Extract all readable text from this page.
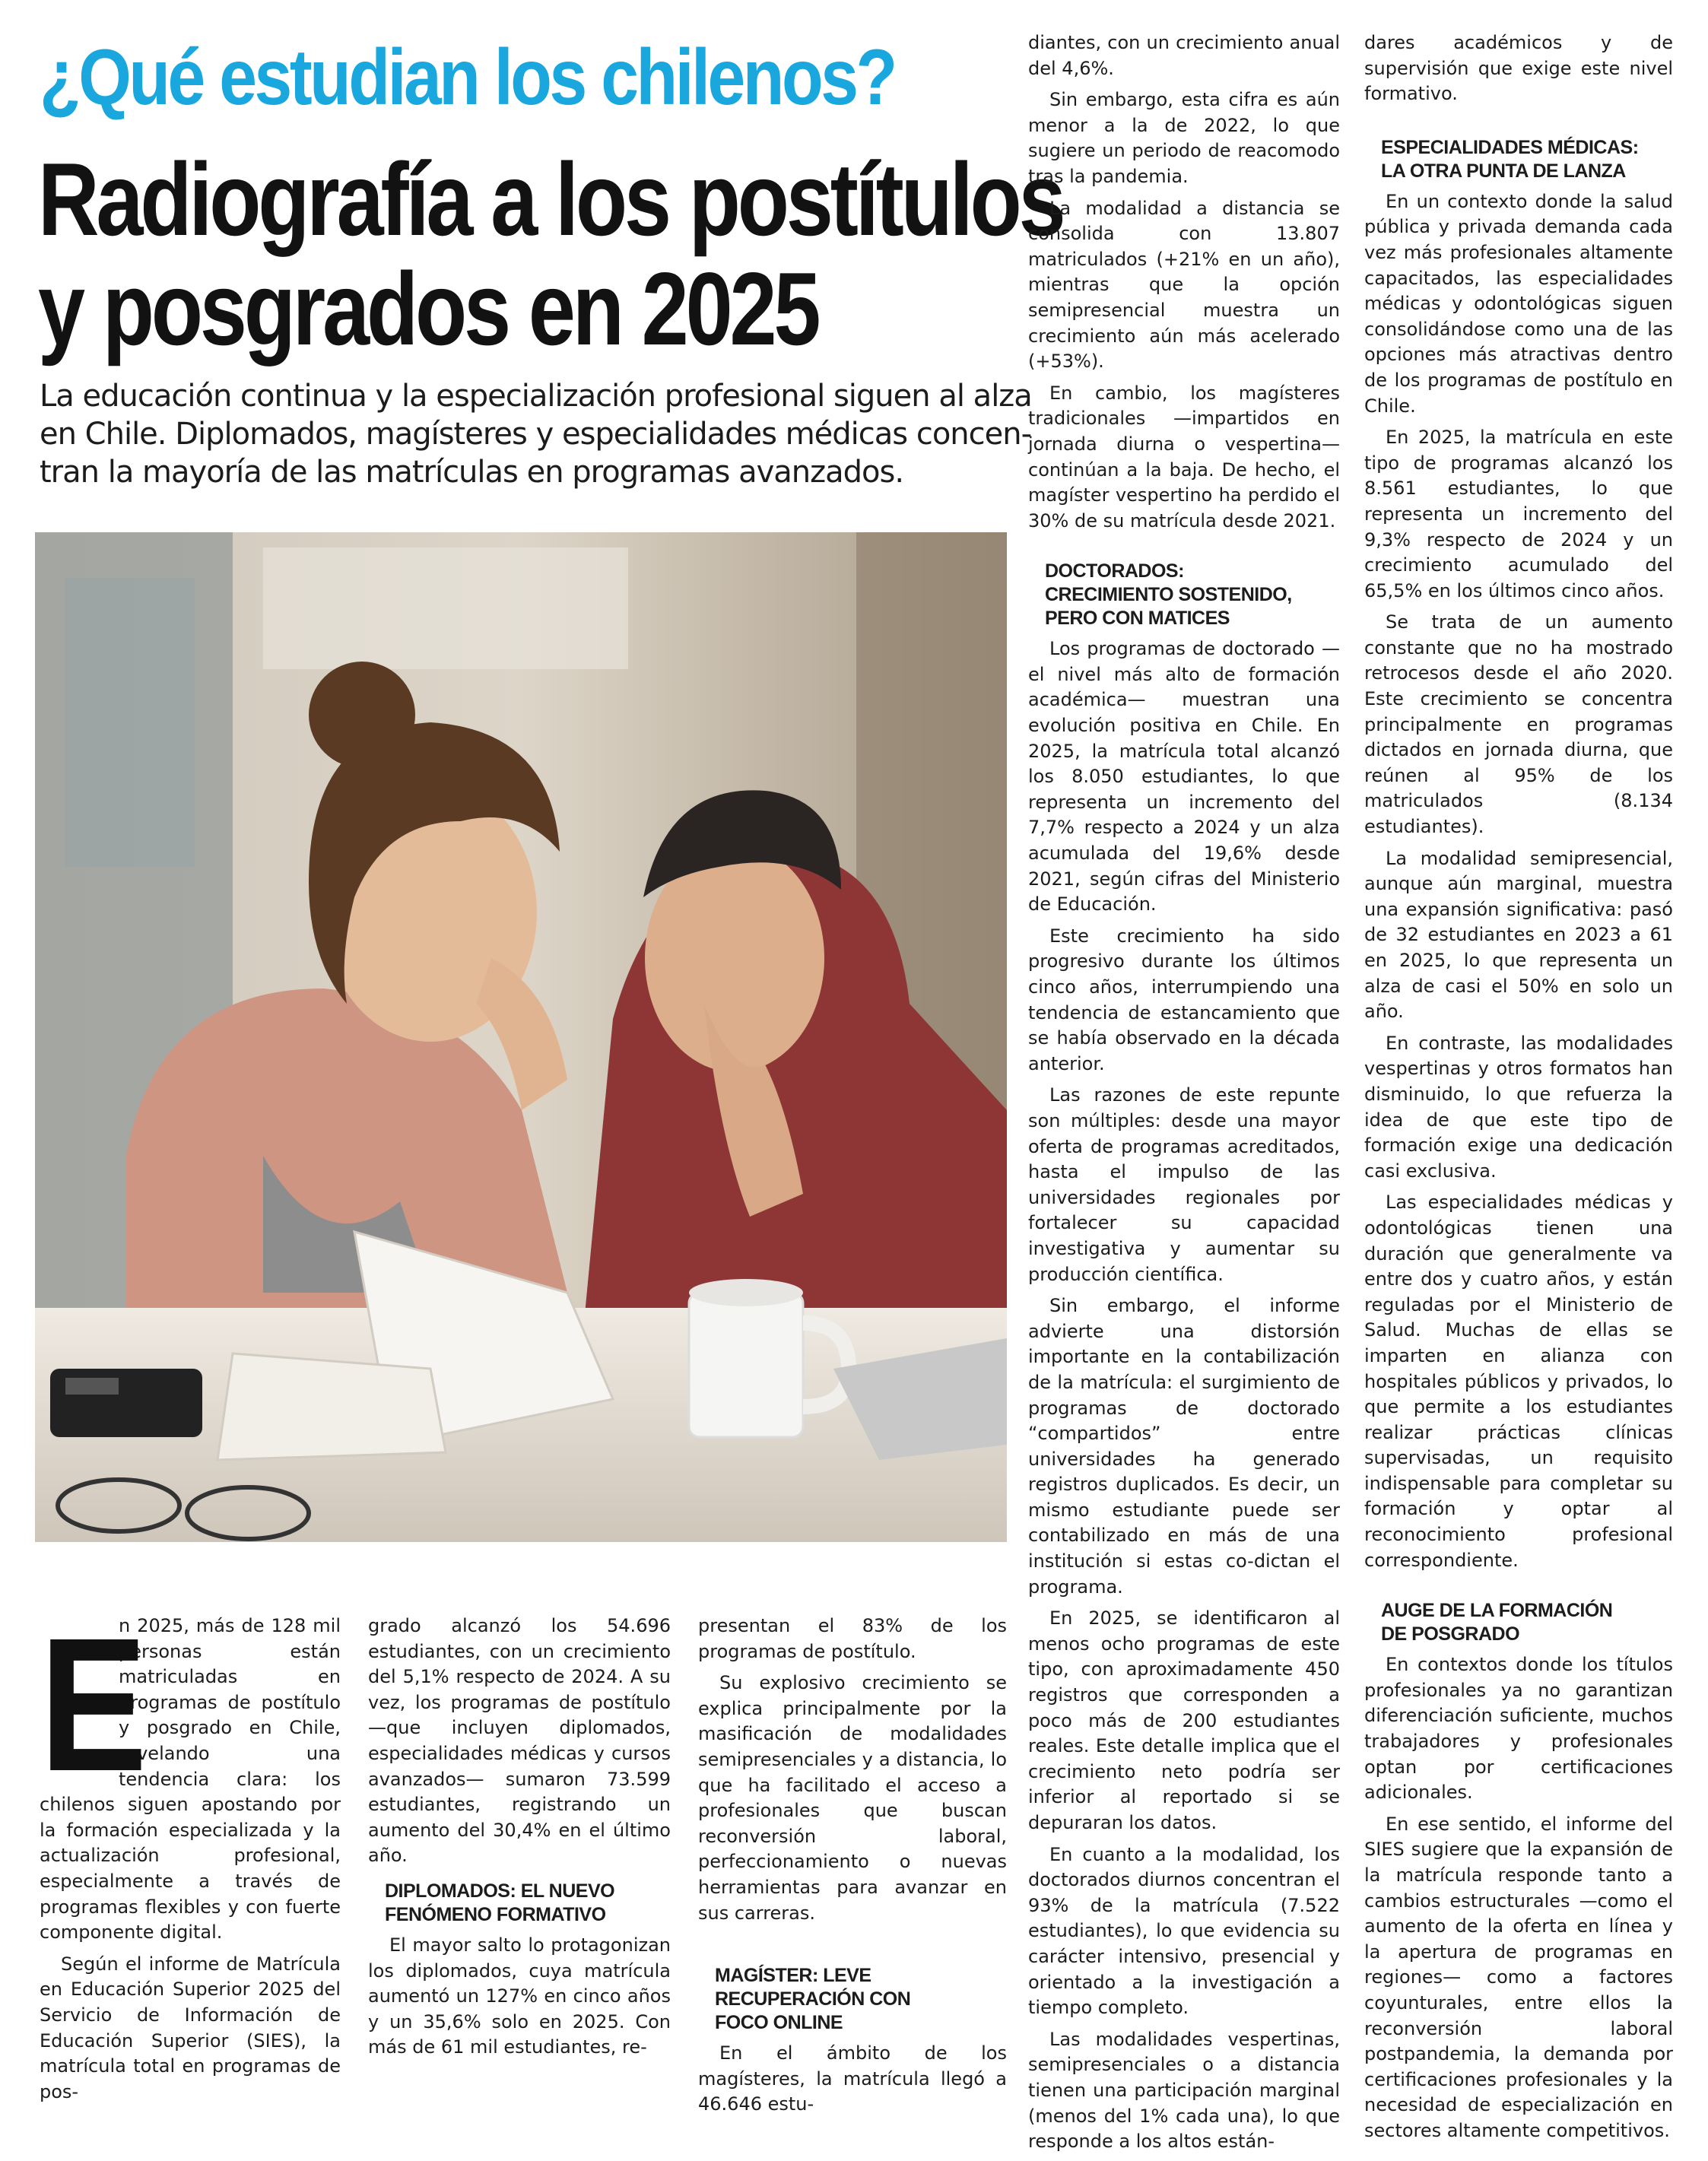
¿Qué estudian los chilenos?
Radiografía a los postítulos
y posgrados en 2025
La educación continua y la especialización profesional siguen al alza
en Chile. Diplomados, magísteres y especialidades médicas concen-
tran la mayoría de las matrículas en programas avanzados.
E

n 2025, más de 128 mil personas están matriculadas en programas de postítulo y posgrado en Chile, revelando una tendencia clara: los chilenos siguen apostando por la formación especializada y la actualización profesional, especialmente a través de programas flexibles y con fuerte componente digital.

Según el informe de Matrícula en Educación Superior 2025 del Servicio de Información de Educación Superior (SIES), la matrícula total en programas de pos-

grado alcanzó los 54.696 estudiantes, con un crecimiento del 5,1% respecto de 2024. A su vez, los programas de postítulo —que incluyen diplomados, especialidades médicas y cursos avanzados— sumaron 73.599 estudiantes, registrando un aumento del 30,4% en el último año.

DIPLOMADOS: EL NUEVO
FENÓMENO FORMATIVO

El mayor salto lo protagonizan los diplomados, cuya matrícula aumentó un 127% en cinco años y un 35,6% solo en 2025. Con más de 61 mil estudiantes, re-

presentan el 83% de los programas de postítulo.

Su explosivo crecimiento se explica principalmente por la masificación de modalidades semipresenciales y a distancia, lo que ha facilitado el acceso a profesionales que buscan reconversión laboral, perfeccionamiento o nuevas herramientas para avanzar en sus carreras.

MAGÍSTER: LEVE
RECUPERACIÓN CON
FOCO ONLINE

En el ámbito de los magísteres, la matrícula llegó a 46.646 estu-

diantes, con un crecimiento anual del 4,6%.

Sin embargo, esta cifra es aún menor a la de 2022, lo que sugiere un periodo de reacomodo tras la pandemia.

La modalidad a distancia se consolida con 13.807 matriculados (+21% en un año), mientras que la opción semipresencial muestra un crecimiento aún más acelerado (+53%).

En cambio, los magísteres tradicionales —impartidos en jornada diurna o vespertina— continúan a la baja. De hecho, el magíster vespertino ha perdido el 30% de su matrícula desde 2021.

DOCTORADOS:
CRECIMIENTO SOSTENIDO,
PERO CON MATICES

Los programas de doctorado —el nivel más alto de formación académica— muestran una evolución positiva en Chile. En 2025, la matrícula total alcanzó los 8.050 estudiantes, lo que representa un incremento del 7,7% respecto a 2024 y un alza acumulada del 19,6% desde 2021, según cifras del Ministerio de Educación.

Este crecimiento ha sido progresivo durante los últimos cinco años, interrumpiendo una tendencia de estancamiento que se había observado en la década anterior.

Las razones de este repunte son múltiples: desde una mayor oferta de programas acreditados, hasta el impulso de las universidades regionales por fortalecer su capacidad investigativa y aumentar su producción científica.

Sin embargo, el informe advierte una distorsión importante en la contabilización de la matrícula: el surgimiento de programas de doctorado “compartidos” entre universidades ha generado registros duplicados. Es decir, un mismo estudiante puede ser contabilizado en más de una institución si estas co-dictan el programa.

En 2025, se identificaron al menos ocho programas de este tipo, con aproximadamente 450 registros que corresponden a poco más de 200 estudiantes reales. Este detalle implica que el crecimiento neto podría ser inferior al reportado si se depuraran los datos.

En cuanto a la modalidad, los doctorados diurnos concentran el 93% de la matrícula (7.522 estudiantes), lo que evidencia su carácter intensivo, presencial y orientado a la investigación a tiempo completo.

Las modalidades vespertinas, semipresenciales o a distancia tienen una participación marginal (menos del 1% cada una), lo que responde a los altos están-

dares académicos y de supervisión que exige este nivel formativo.

ESPECIALIDADES MÉDICAS:
LA OTRA PUNTA DE LANZA

En un contexto donde la salud pública y privada demanda cada vez más profesionales altamente capacitados, las especialidades médicas y odontológicas siguen consolidándose como una de las opciones más atractivas dentro de los programas de postítulo en Chile.

En 2025, la matrícula en este tipo de programas alcanzó los 8.561 estudiantes, lo que representa un incremento del 9,3% respecto de 2024 y un crecimiento acumulado del 65,5% en los últimos cinco años.

Se trata de un aumento constante que no ha mostrado retrocesos desde el año 2020. Este crecimiento se concentra principalmente en programas dictados en jornada diurna, que reúnen al 95% de los matriculados (8.134 estudiantes).

La modalidad semipresencial, aunque aún marginal, muestra una expansión significativa: pasó de 32 estudiantes en 2023 a 61 en 2025, lo que representa un alza de casi el 50% en solo un año.

En contraste, las modalidades vespertinas y otros formatos han disminuido, lo que refuerza la idea de que este tipo de formación exige una dedicación casi exclusiva.

Las especialidades médicas y odontológicas tienen una duración que generalmente va entre dos y cuatro años, y están reguladas por el Ministerio de Salud. Muchas de ellas se imparten en alianza con hospitales públicos y privados, lo que permite a los estudiantes realizar prácticas clínicas supervisadas, un requisito indispensable para completar su formación y optar al reconocimiento profesional correspondiente.

AUGE DE LA FORMACIÓN
DE POSGRADO

En contextos donde los títulos profesionales ya no garantizan diferenciación suficiente, muchos trabajadores y profesionales optan por certificaciones adicionales.

En ese sentido, el informe del SIES sugiere que la expansión de la matrícula responde tanto a cambios estructurales —como el aumento de la oferta en línea y la apertura de programas en regiones— como a factores coyunturales, entre ellos la reconversión laboral postpandemia, la demanda por certificaciones profesionales y la necesidad de especialización en sectores altamente competitivos.
